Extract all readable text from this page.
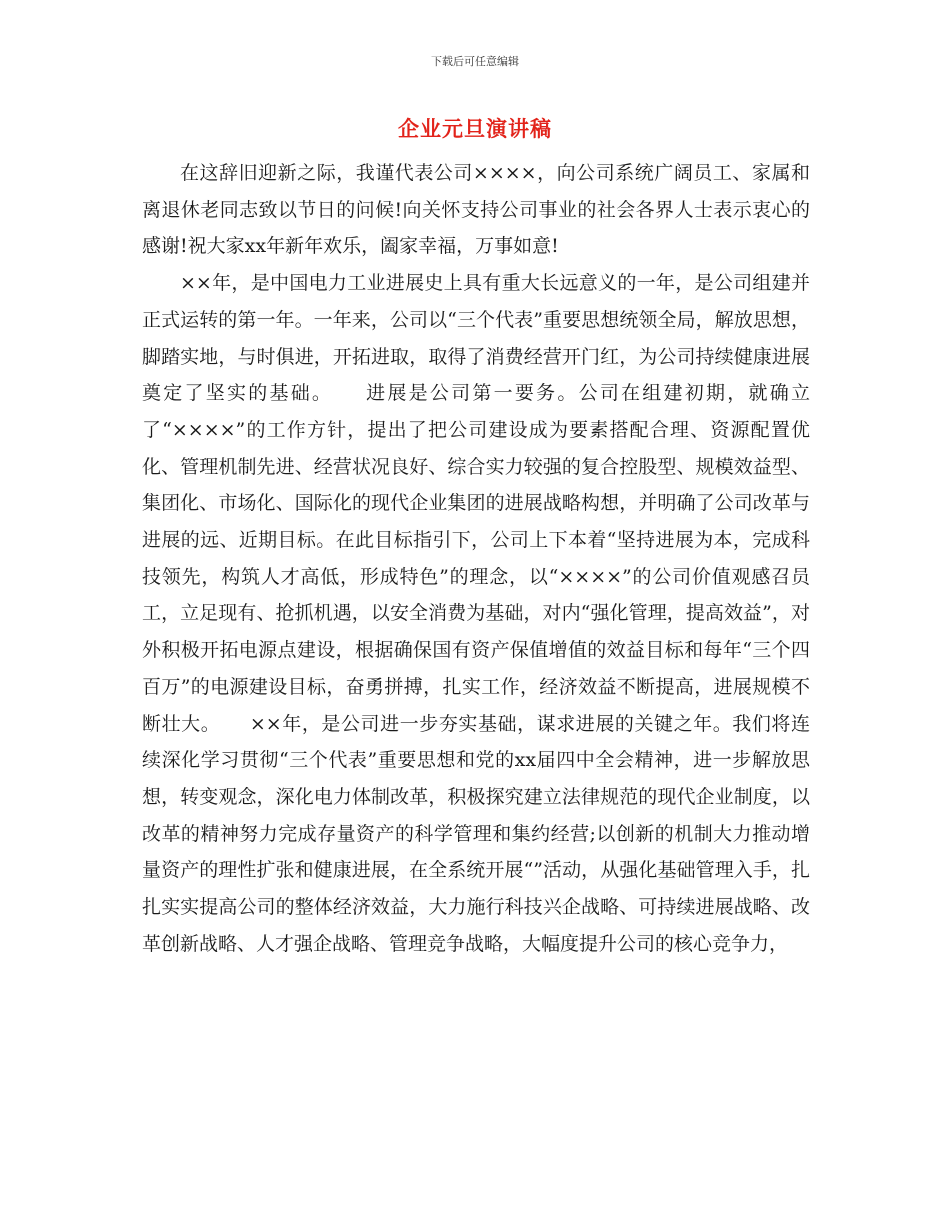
下载后可任意编辑
企业元旦演讲稿

在这辞旧迎新之际，我谨代表公司××××，向公司系统广阔员工、家属和离退休老同志致以节日的问候!向关怀支持公司事业的社会各界人士表示衷心的感谢!祝大家xx年新年欢乐，阖家幸福，万事如意!

××年，是中国电力工业进展史上具有重大长远意义的一年，是公司组建并正式运转的第一年。一年来，公司以“三个代表”重要思想统领全局，解放思想，脚踏实地，与时俱进，开拓进取，取得了消费经营开门红，为公司持续健康进展奠定了坚实的基础。　　进展是公司第一要务。公司在组建初期，就确立了“××××”的工作方针，提出了把公司建设成为要素搭配合理、资源配置优化、管理机制先进、经营状况良好、综合实力较强的复合控股型、规模效益型、集团化、市场化、国际化的现代企业集团的进展战略构想，并明确了公司改革与进展的远、近期目标。在此目标指引下，公司上下本着“坚持进展为本，完成科技领先，构筑人才高低，形成特色”的理念，以“××××”的公司价值观感召员工，立足现有、抢抓机遇，以安全消费为基础，对内“强化管理，提高效益”，对外积极开拓电源点建设，根据确保国有资产保值增值的效益目标和每年“三个四百万”的电源建设目标，奋勇拼搏，扎实工作，经济效益不断提高，进展规模不断壮大。　　××年，是公司进一步夯实基础，谋求进展的关键之年。我们将连续深化学习贯彻“三个代表”重要思想和党的xx届四中全会精神，进一步解放思想，转变观念，深化电力体制改革，积极探究建立法律规范的现代企业制度，以改革的精神努力完成存量资产的科学管理和集约经营;以创新的机制大力推动增量资产的理性扩张和健康进展，在全系统开展“”活动，从强化基础管理入手，扎扎实实提高公司的整体经济效益，大力施行科技兴企战略、可持续进展战略、改革创新战略、人才强企战略、管理竞争战略，大幅度提升公司的核心竞争力，
